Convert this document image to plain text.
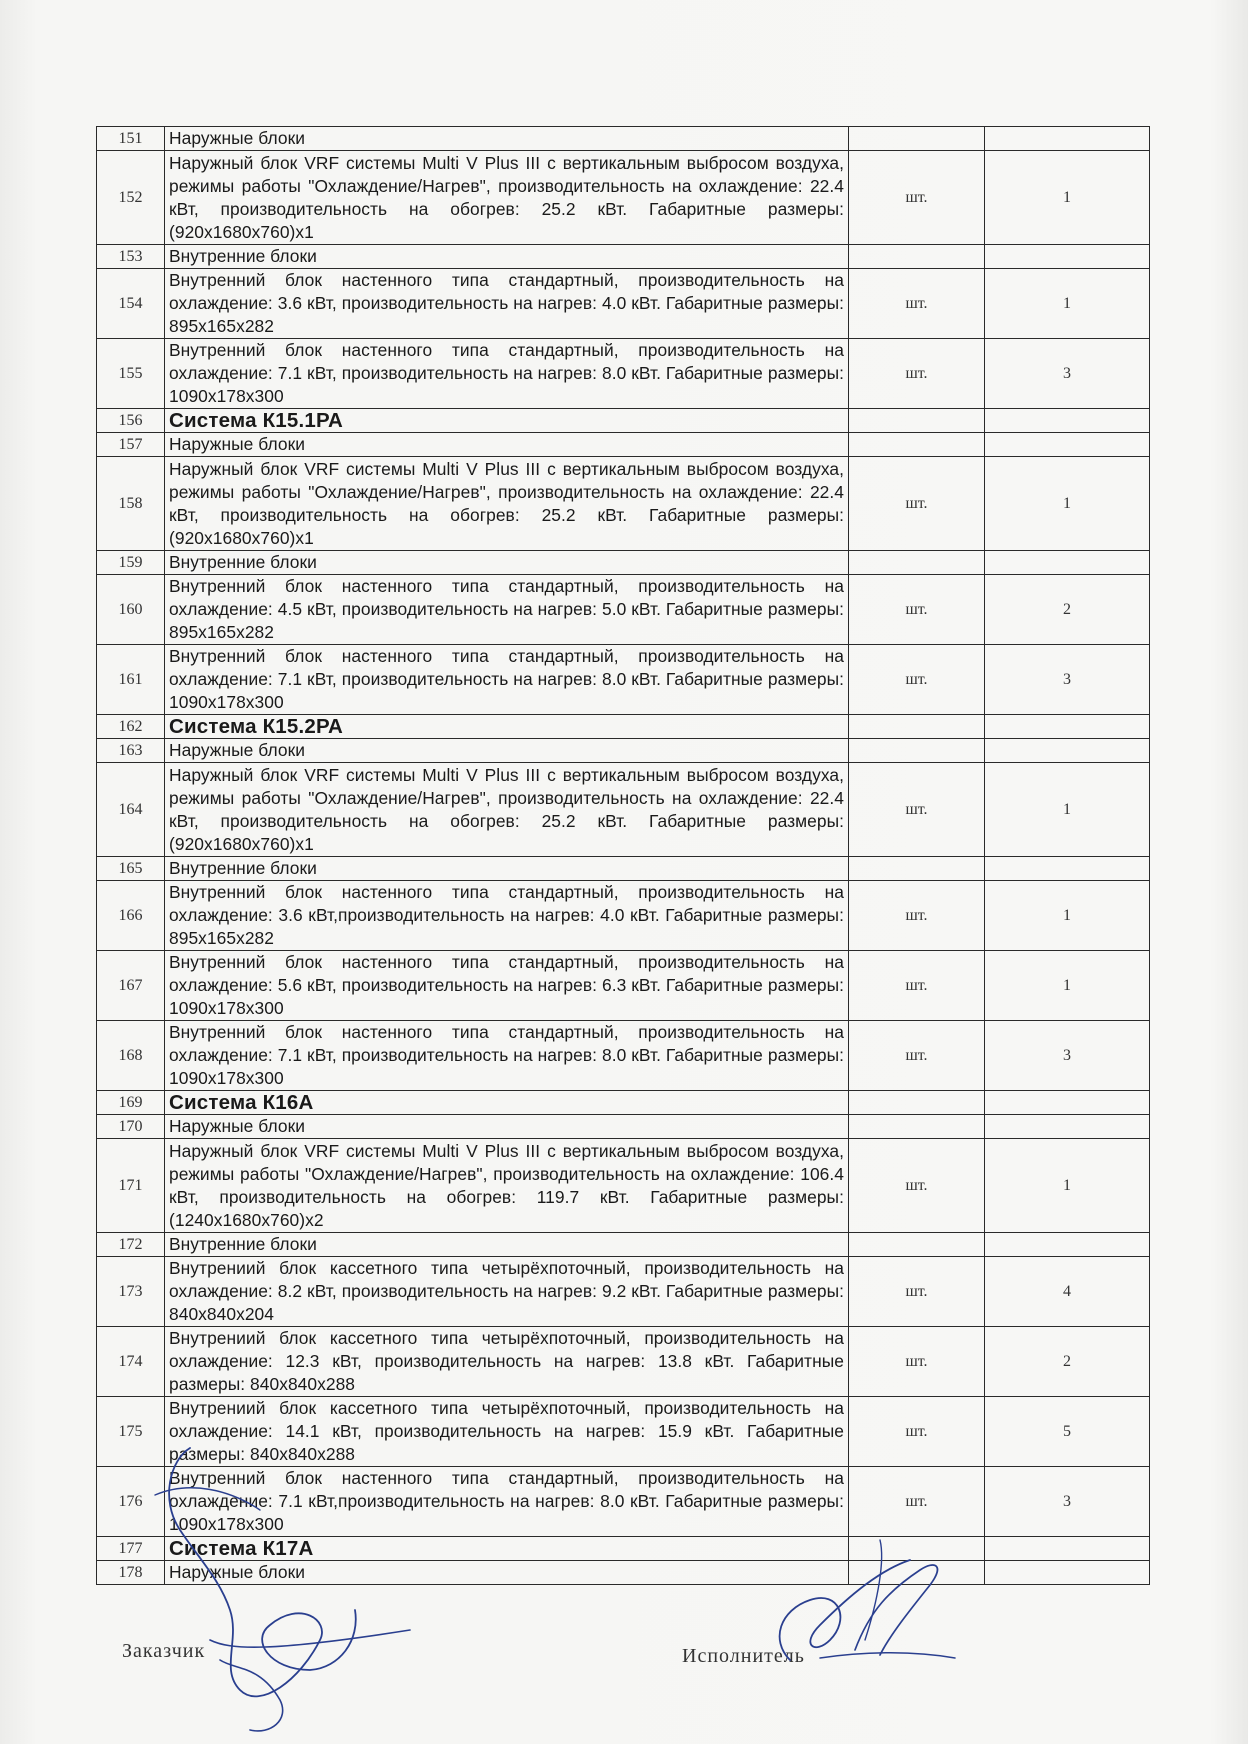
151	Наружные блоки		
152	Наружный блок VRF системы Multi V Plus III с вертикальным выбросом воздуха, режимы работы "Охлаждение/Нагрев", производительность на охлаждение: 22.4 кВт, производительность на обогрев: 25.2 кВт. Габаритные размеры: (920x1680x760)x1	шт.	1
153	Внутренние блоки		
154	Внутренний блок настенного типа стандартный, производительность на охлаждение: 3.6 кВт, производительность на нагрев: 4.0 кВт. Габаритные размеры: 895x165x282	шт.	1
155	Внутренний блок настенного типа стандартный, производительность на охлаждение: 7.1 кВт, производительность на нагрев: 8.0 кВт. Габаритные размеры: 1090x178x300	шт.	3
156	Система К15.1РА		
157	Наружные блоки		
158	Наружный блок VRF системы Multi V Plus III с вертикальным выбросом воздуха, режимы работы "Охлаждение/Нагрев", производительность на охлаждение: 22.4 кВт, производительность на обогрев: 25.2 кВт. Габаритные размеры: (920x1680x760)x1	шт.	1
159	Внутренние блоки		
160	Внутренний блок настенного типа стандартный, производительность на охлаждение: 4.5 кВт, производительность на нагрев: 5.0 кВт. Габаритные размеры: 895x165x282	шт.	2
161	Внутренний блок настенного типа стандартный, производительность на охлаждение: 7.1 кВт, производительность на нагрев: 8.0 кВт. Габаритные размеры: 1090x178x300	шт.	3
162	Система К15.2РА		
163	Наружные блоки		
164	Наружный блок VRF системы Multi V Plus III с вертикальным выбросом воздуха, режимы работы "Охлаждение/Нагрев", производительность на охлаждение: 22.4 кВт, производительность на обогрев: 25.2 кВт. Габаритные размеры: (920x1680x760)x1	шт.	1
165	Внутренние блоки		
166	Внутренний блок настенного типа стандартный, производительность на охлаждение: 3.6 кВт,производительность на нагрев: 4.0 кВт. Габаритные размеры: 895x165x282	шт.	1
167	Внутренний блок настенного типа стандартный, производительность на охлаждение: 5.6 кВт, производительность на нагрев: 6.3 кВт. Габаритные размеры: 1090x178x300	шт.	1
168	Внутренний блок настенного типа стандартный, производительность на охлаждение: 7.1 кВт, производительность на нагрев: 8.0 кВт. Габаритные размеры: 1090x178x300	шт.	3
169	Система К16А		
170	Наружные блоки		
171	Наружный блок VRF системы Multi V Plus III с вертикальным выбросом воздуха, режимы работы "Охлаждение/Нагрев", производительность на охлаждение: 106.4 кВт, производительность на обогрев: 119.7 кВт. Габаритные размеры: (1240x1680x760)x2	шт.	1
172	Внутренние блоки		
173	Внутрениий блок кассетного типа четырёхпоточный, производительность на охлаждение: 8.2 кВт, производительность на нагрев: 9.2 кВт. Габаритные размеры: 840x840x204	шт.	4
174	Внутрениий блок кассетного типа четырёхпоточный, производительность на охлаждение: 12.3 кВт, производительность на нагрев: 13.8 кВт. Габаритные размеры: 840x840x288	шт.	2
175	Внутрениий блок кассетного типа четырёхпоточный, производительность на охлаждение: 14.1 кВт, производительность на нагрев: 15.9 кВт. Габаритные размеры: 840x840x288	шт.	5
176	Внутренний блок настенного типа стандартный, производительность на охлаждение: 7.1 кВт,производительность на нагрев: 8.0 кВт. Габаритные размеры: 1090x178x300	шт.	3
177	Система К17А		
178	Наружные блоки		
Заказчик	Исполнитель
